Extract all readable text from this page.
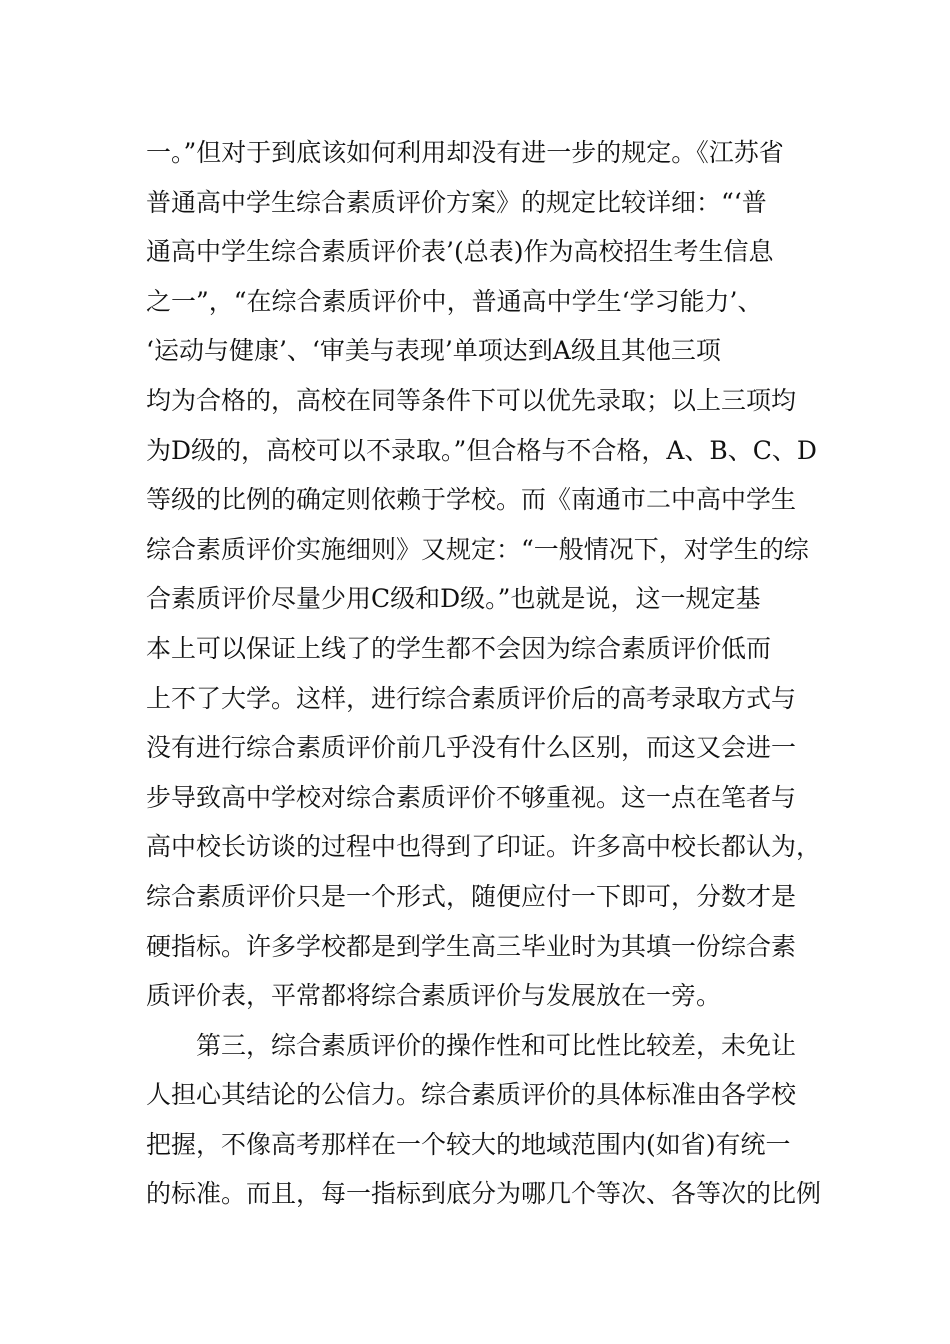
一。”但对于到底该如何利用却没有进一步的规定。《江苏省
普通高中学生综合素质评价方案》的规定比较详细：“‘普
通高中学生综合素质评价表’(总表)作为高校招生考生信息
之一”，“在综合素质评价中，普通高中学生‘学习能力’、
‘运动与健康’、‘审美与表现’单项达到A级且其他三项
均为合格的，高校在同等条件下可以优先录取；以上三项均
为D级的，高校可以不录取。”但合格与不合格，A、B、C、D
等级的比例的确定则依赖于学校。而《南通市二中高中学生
综合素质评价实施细则》又规定：“一般情况下，对学生的综
合素质评价尽量少用C级和D级。”也就是说，这一规定基
本上可以保证上线了的学生都不会因为综合素质评价低而
上不了大学。这样，进行综合素质评价后的高考录取方式与
没有进行综合素质评价前几乎没有什么区别，而这又会进一
步导致高中学校对综合素质评价不够重视。这一点在笔者与
高中校长访谈的过程中也得到了印证。许多高中校长都认为，
综合素质评价只是一个形式，随便应付一下即可，分数才是
硬指标。许多学校都是到学生高三毕业时为其填一份综合素
质评价表，平常都将综合素质评价与发展放在一旁。
第三，综合素质评价的操作性和可比性比较差，未免让
人担心其结论的公信力。综合素质评价的具体标准由各学校
把握，不像高考那样在一个较大的地域范围内(如省)有统一
的标准。而且，每一指标到底分为哪几个等次、各等次的比例
